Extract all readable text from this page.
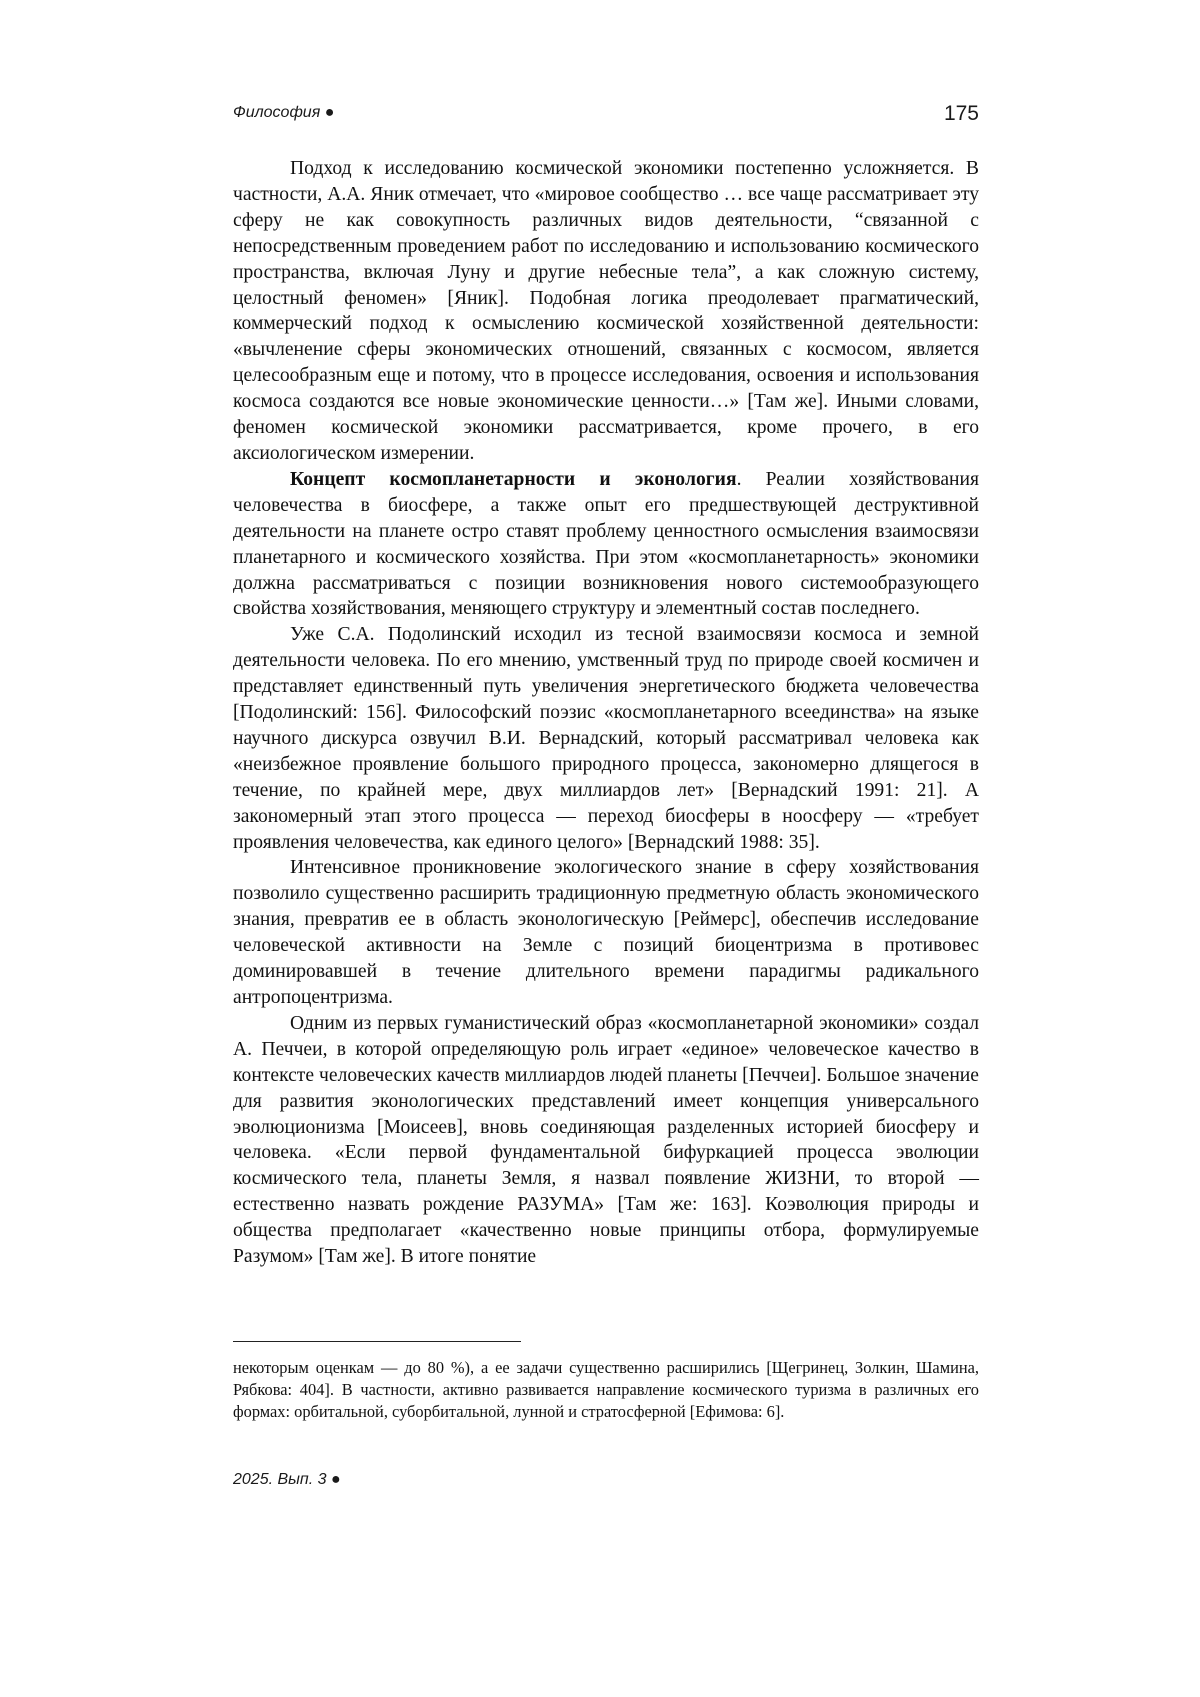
Философия ●	175

Подход к исследованию космической экономики постепенно усложняется. В частности, А.А. Яник отмечает, что «мировое сообщество … все чаще рассматривает эту сферу не как совокупность различных видов деятельности, “связанной с непосредственным проведением работ по исследованию и использованию космического пространства, включая Луну и другие небесные тела”, а как сложную систему, целостный феномен» [Яник]. Подобная логика преодолевает прагматический, коммерческий подход к осмыслению космической хозяйственной деятельности: «вычленение сферы экономических отношений, связанных с космосом, является целесообразным еще и потому, что в процессе исследования, освоения и использования космоса создаются все новые экономические ценности…» [Там же]. Иными словами, феномен космической экономики рассматривается, кроме прочего, в его аксиологическом измерении.

Концепт космопланетарности и эконология. Реалии хозяйствования человечества в биосфере, а также опыт его предшествующей деструктивной деятельности на планете остро ставят проблему ценностного осмысления взаимосвязи планетарного и космического хозяйства. При этом «космопланетарность» экономики должна рассматриваться с позиции возникновения нового системообразующего свойства хозяйствования, меняющего структуру и элементный состав последнего.

Уже С.А. Подолинский исходил из тесной взаимосвязи космоса и земной деятельности человека. По его мнению, умственный труд по природе своей космичен и представляет единственный путь увеличения энергетического бюджета человечества [Подолинский: 156]. Философский поэзис «космопланетарного всеединства» на языке научного дискурса озвучил В.И. Вернадский, который рассматривал человека как «неизбежное проявление большого природного процесса, закономерно длящегося в течение, по крайней мере, двух миллиардов лет» [Вернадский 1991: 21]. А закономерный этап этого процесса — переход биосферы в ноосферу — «требует проявления человечества, как единого целого» [Вернадский 1988: 35].

Интенсивное проникновение экологического знание в сферу хозяйствования позволило существенно расширить традиционную предметную область экономического знания, превратив ее в область эконологическую [Реймерс], обеспечив исследование человеческой активности на Земле с позиций биоцентризма в противовес доминировавшей в течение длительного времени парадигмы радикального антропоцентризма.

Одним из первых гуманистический образ «космопланетарной экономики» создал А. Печчеи, в которой определяющую роль играет «единое» человеческое качество в контексте человеческих качеств миллиардов людей планеты [Печчеи]. Большое значение для развития эконологических представлений имеет концепция универсального эволюционизма [Моисеев], вновь соединяющая разделенных историей биосферу и человека. «Если первой фундаментальной бифуркацией процесса эволюции космического тела, планеты Земля, я назвал появление ЖИЗНИ, то второй — естественно назвать рождение РАЗУМА» [Там же: 163]. Коэволюция природы и общества предполагает «качественно новые принципы отбора, формулируемые Разумом» [Там же]. В итоге понятие

некоторым оценкам — до 80 %), а ее задачи существенно расширились [Щегринец, Золкин, Шамина, Рябкова: 404]. В частности, активно развивается направление космического туризма в различных его формах: орбитальной, суборбитальной, лунной и стратосферной [Ефимова: 6].
2025. Вып. 3 ●
